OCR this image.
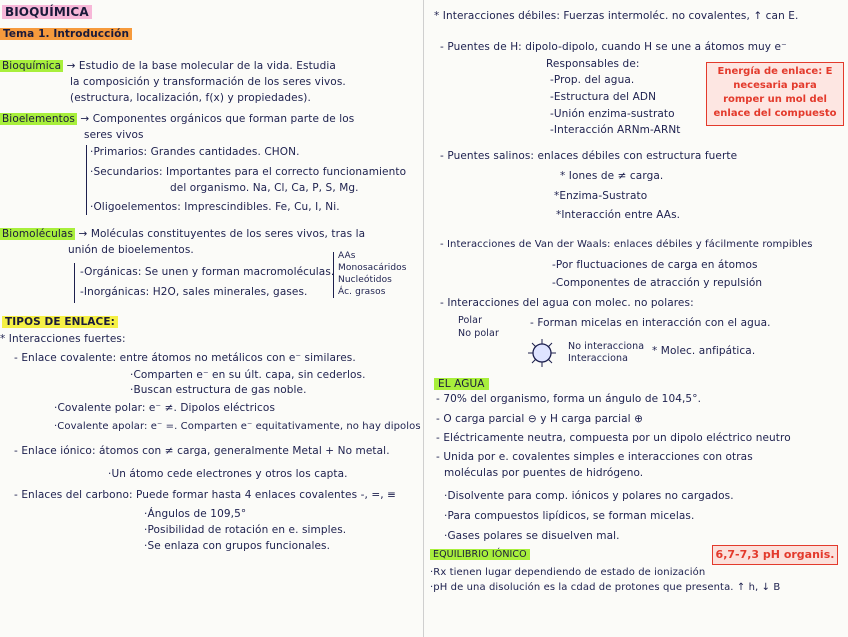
BIOQUÍMICA
Tema 1. Introducción
Bioquímica → Estudio de la base molecular de la vida. Estudia
la composición y transformación de los seres vivos.
(estructura, localización, f(x) y propiedades).
Bioelementos → Componentes orgánicos que forman parte de los
seres vivos
·Primarios: Grandes cantidades. CHON.
·Secundarios: Importantes para el correcto funcionamiento
del organismo. Na, Cl, Ca, P, S, Mg.
·Oligoelementos: Imprescindibles. Fe, Cu, I, Ni.
Biomoléculas → Moléculas constituyentes de los seres vivos, tras la
unión de bioelementos.
-Orgánicas: Se unen y forman macromoléculas.
-Inorgánicas: H2O, sales minerales, gases.
AAs
Monosacáridos
Nucleótidos
Ác. grasos
TIPOS DE ENLACE:
* Interacciones fuertes:
- Enlace covalente: entre átomos no metálicos con e⁻ similares.
·Comparten e⁻ en su últ. capa, sin cederlos.
·Buscan estructura de gas noble.
·Covalente polar: e⁻ ≠. Dipolos eléctricos
·Covalente apolar: e⁻ =. Comparten e⁻ equitativamente, no hay dipolos
- Enlace iónico: átomos con ≠ carga, generalmente Metal + No metal.
·Un átomo cede electrones y otros los capta.
- Enlaces del carbono: Puede formar hasta 4 enlaces covalentes -, =, ≡
·Ángulos de 109,5°
·Posibilidad de rotación en e. simples.
·Se enlaza con grupos funcionales.
* Interacciones débiles: Fuerzas intermoléc. no covalentes, ↑ can E.
- Puentes de H: dipolo-dipolo, cuando H se une a átomos muy e⁻
Responsables de:
-Prop. del agua.
-Estructura del ADN
-Unión enzima-sustrato
-Interacción ARNm-ARNt
Energía de enlace: E necesaria para romper un mol del enlace del compuesto
- Puentes salinos: enlaces débiles con estructura fuerte
* Iones de ≠ carga.
*Enzima-Sustrato
*Interacción entre AAs.
- Interacciones de Van der Waals: enlaces débiles y fácilmente rompibles
-Por fluctuaciones de carga en átomos
-Componentes de atracción y repulsión
- Interacciones del agua con molec. no polares:
Polar
No polar
- Forman micelas en interacción con el agua.
No interacciona
Interacciona
* Molec. anfipática.
EL AGUA
- 70% del organismo, forma un ángulo de 104,5°.
- O carga parcial ⊖ y H carga parcial ⊕
- Eléctricamente neutra, compuesta por un dipolo eléctrico neutro
- Unida por e. covalentes simples e interacciones con otras
moléculas por puentes de hidrógeno.
·Disolvente para comp. iónicos y polares no cargados.
·Para compuestos lipídicos, se forman micelas.
·Gases polares se disuelven mal.
EQUILIBRIO IÓNICO	6,7-7,3 pH organis.
·Rx tienen lugar dependiendo de estado de ionización
·pH de una disolución es la cdad de protones que presenta. ↑ h, ↓ B
